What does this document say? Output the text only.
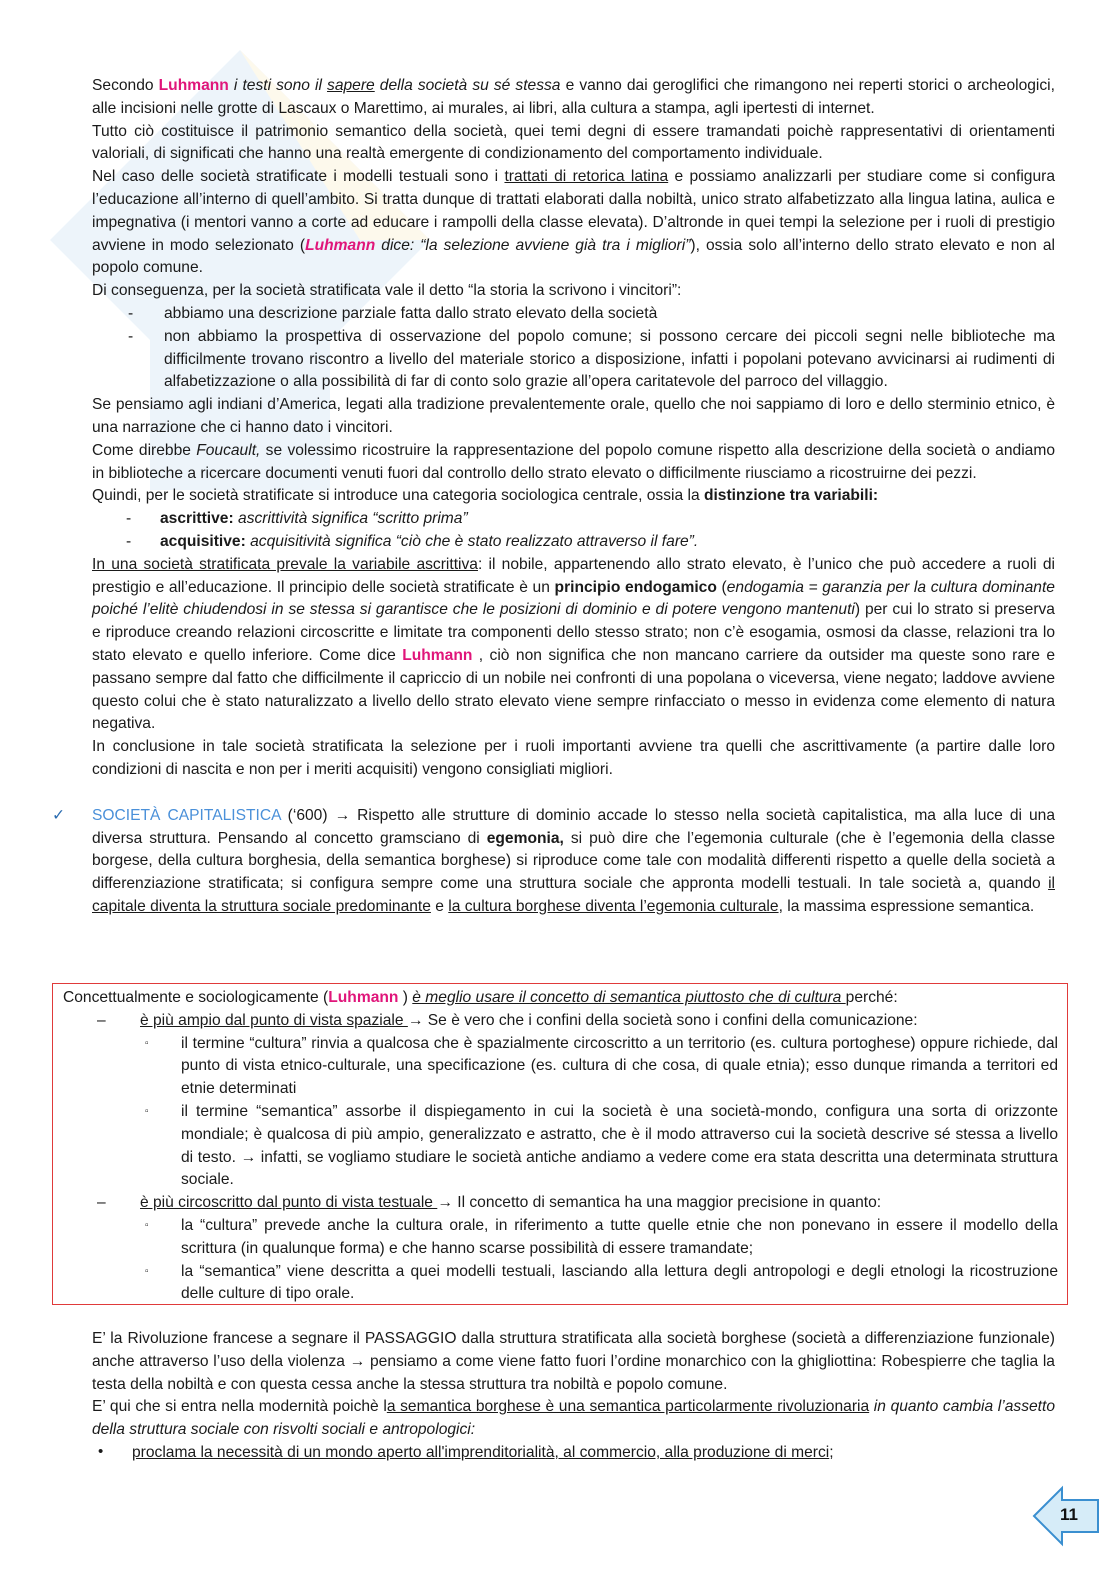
Secondo Luhmann i testi sono il sapere della società su sé stessa e vanno dai geroglifici che rimangono nei reperti storici o archeologici, alle incisioni nelle grotte di Lascaux o Marettimo, ai murales, ai libri, alla cultura a stampa, agli ipertesti di internet.

Tutto ciò costituisce il patrimonio semantico della società, quei temi degni di essere tramandati poichè rappresentativi di orientamenti valoriali, di significati che hanno una realtà emergente di condizionamento del comportamento individuale.

Nel caso delle società stratificate i modelli testuali sono i trattati di retorica latina e possiamo analizzarli per studiare come si configura l’educazione all’interno di quell’ambito. Si tratta dunque di trattati elaborati dalla nobiltà, unico strato alfabetizzato alla lingua latina, aulica e impegnativa (i mentori vanno a corte ad educare i rampolli della classe elevata). D’altronde in quei tempi la selezione per i ruoli di prestigio avviene in modo selezionato (Luhmann dice: “la selezione avviene già tra i migliori”), ossia solo all’interno dello strato elevato e non al popolo comune.

Di conseguenza, per la società stratificata vale il detto “la storia la scrivono i vincitori”:

- abbiamo una descrizione parziale fatta dallo strato elevato della società
- non abbiamo la prospettiva di osservazione del popolo comune; si possono cercare dei piccoli segni nelle biblioteche ma difficilmente trovano riscontro a livello del materiale storico a disposizione, infatti i popolani potevano avvicinarsi ai rudimenti di alfabetizzazione o alla possibilità di far di conto solo grazie all’opera caritatevole del parroco del villaggio.

Se pensiamo agli indiani d’America, legati alla tradizione prevalentemente orale, quello che noi sappiamo di loro e dello sterminio etnico, è una narrazione che ci hanno dato i vincitori.

Come direbbe Foucault, se volessimo ricostruire la rappresentazione del popolo comune rispetto alla descrizione della società o andiamo in biblioteche a ricercare documenti venuti fuori dal controllo dello strato elevato o difficilmente riusciamo a ricostruirne dei pezzi.

Quindi, per le società stratificate si introduce una categoria sociologica centrale, ossia la distinzione tra variabili:

- ascrittive: ascrittività significa “scritto prima”
- acquisitive: acquisitività significa “ciò che è stato realizzato attraverso il fare”.

In una società stratificata prevale la variabile ascrittiva: il nobile, appartenendo allo strato elevato, è l’unico che può accedere a ruoli di prestigio e all’educazione. Il principio delle società stratificate è un principio endogamico (endogamia = garanzia per la cultura dominante poiché l’elitè chiudendosi in se stessa si garantisce che le posizioni di dominio e di potere vengono mantenuti) per cui lo strato si preserva e riproduce creando relazioni circoscritte e limitate tra componenti dello stesso strato; non c’è esogamia, osmosi da classe, relazioni tra lo stato elevato e quello inferiore. Come dice Luhmann , ciò non significa che non mancano carriere da outsider ma queste sono rare e passano sempre dal fatto che difficilmente il capriccio di un nobile nei confronti di una popolana o viceversa, viene negato; laddove avviene questo colui che è stato naturalizzato a livello dello strato elevato viene sempre rinfacciato o messo in evidenza come elemento di natura negativa.

In conclusione in tale società stratificata la selezione per i ruoli importanti avviene tra quelli che ascrittivamente (a partire dalle loro condizioni di nascita e non per i meriti acquisiti) vengono consigliati migliori.

✓ SOCIETÀ CAPITALISTICA (‘600) → Rispetto alle strutture di dominio accade lo stesso nella società capitalistica, ma alla luce di una diversa struttura. Pensando al concetto gramsciano di egemonia, si può dire che l’egemonia culturale (che è l’egemonia della classe borgese, della cultura borghesia, della semantica borghese) si riproduce come tale con modalità differenti rispetto a quelle della società a differenziazione stratificata; si configura sempre come una struttura sociale che appronta modelli testuali. In tale società a, quando il capitale diventa la struttura sociale predominante e la cultura borghese diventa l’egemonia culturale, la massima espressione semantica.

Concettualmente e sociologicamente (Luhmann ) è meglio usare il concetto di semantica piuttosto che di cultura perché:

– è più ampio dal punto di vista spaziale → Se è vero che i confini della società sono i confini della comunicazione:
▫ il termine “cultura” rinvia a qualcosa che è spazialmente circoscritto a un territorio (es. cultura portoghese) oppure richiede, dal punto di vista etnico-culturale, una specificazione (es. cultura di che cosa, di quale etnia); esso dunque rimanda a territori ed etnie determinati
▫ il termine “semantica” assorbe il dispiegamento in cui la società è una società-mondo, configura una sorta di orizzonte mondiale; è qualcosa di più ampio, generalizzato e astratto, che è il modo attraverso cui la società descrive sé stessa a livello di testo. → infatti, se vogliamo studiare le società antiche andiamo a vedere come era stata descritta una determinata struttura sociale.
– è più circoscritto dal punto di vista testuale → Il concetto di semantica ha una maggior precisione in quanto:
▫ la “cultura” prevede anche la cultura orale, in riferimento a tutte quelle etnie che non ponevano in essere il modello della scrittura (in qualunque forma) e che hanno scarse possibilità di essere tramandate;
▫ la “semantica” viene descritta a quei modelli testuali, lasciando alla lettura degli antropologi e degli etnologi la ricostruzione delle culture di tipo orale.

E’ la Rivoluzione francese a segnare il PASSAGGIO dalla struttura stratificata alla società borghese (società a differenziazione funzionale) anche attraverso l’uso della violenza → pensiamo a come viene fatto fuori l’ordine monarchico con la ghigliottina: Robespierre che taglia la testa della nobiltà e con questa cessa anche la stessa struttura tra nobiltà e popolo comune.

E’ qui che si entra nella modernità poichè la semantica borghese è una semantica particolarmente rivoluzionaria in quanto cambia l’assetto della struttura sociale con risvolti sociali e antropologici:

• proclama la necessità di un mondo aperto all'imprenditorialità, al commercio, alla produzione di merci;
11
